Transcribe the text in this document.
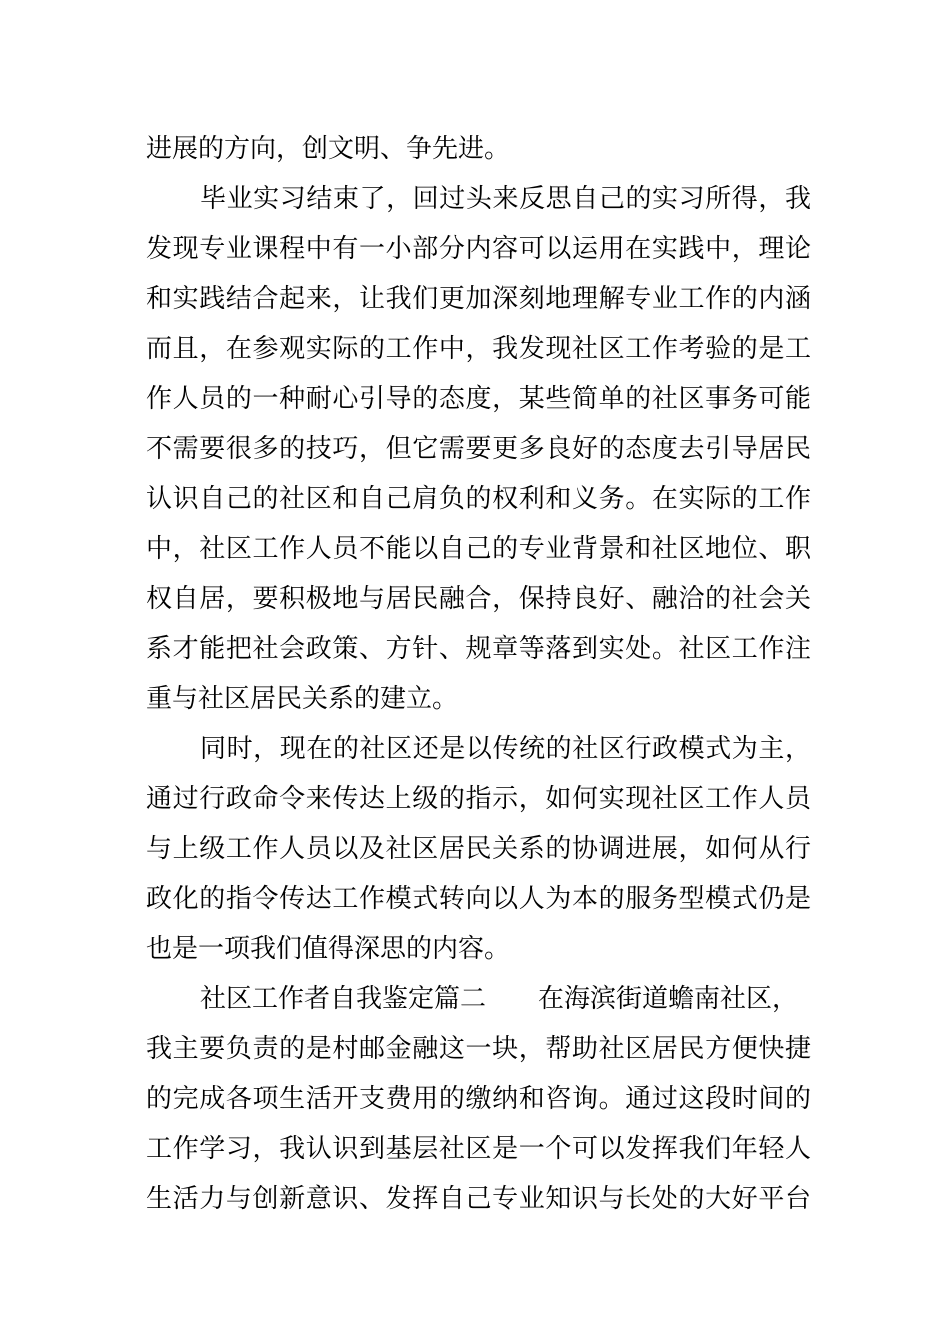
进展的方向，创文明、争先进。
毕业实习结束了，回过头来反思自己的实习所得，我
发现专业课程中有一小部分内容可以运用在实践中，理论
和实践结合起来，让我们更加深刻地理解专业工作的内涵
而且，在参观实际的工作中，我发现社区工作考验的是工
作人员的一种耐心引导的态度，某些简单的社区事务可能
不需要很多的技巧，但它需要更多良好的态度去引导居民
认识自己的社区和自己肩负的权利和义务。在实际的工作
中，社区工作人员不能以自己的专业背景和社区地位、职
权自居，要积极地与居民融合，保持良好、融洽的社会关
系才能把社会政策、方针、规章等落到实处。社区工作注
重与社区居民关系的建立。
同时，现在的社区还是以传统的社区行政模式为主，
通过行政命令来传达上级的指示，如何实现社区工作人员
与上级工作人员以及社区居民关系的协调进展，如何从行
政化的指令传达工作模式转向以人为本的服务型模式仍是
也是一项我们值得深思的内容。
社区工作者自我鉴定篇二 在海滨街道蟾南社区，
我主要负责的是村邮金融这一块，帮助社区居民方便快捷
的完成各项生活开支费用的缴纳和咨询。通过这段时间的
工作学习，我认识到基层社区是一个可以发挥我们年轻人
生活力与创新意识、发挥自己专业知识与长处的大好平台
